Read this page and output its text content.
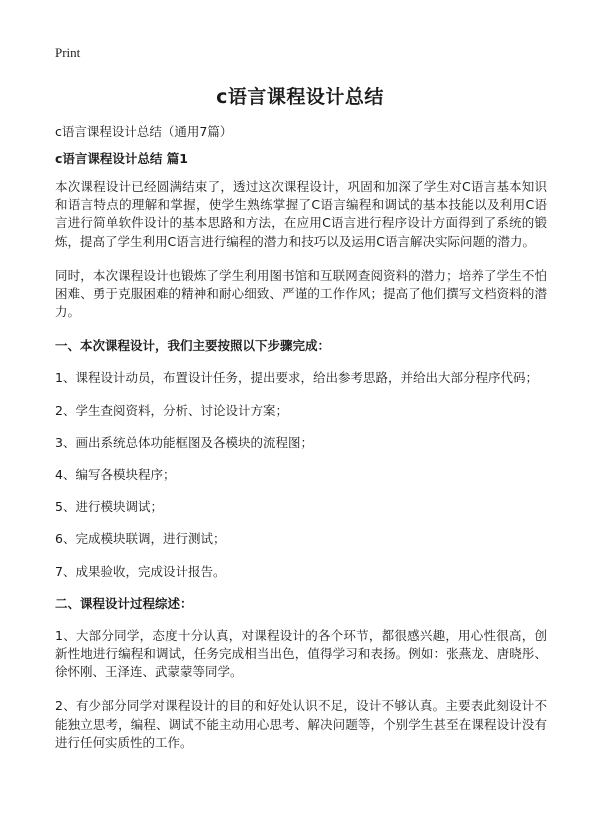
Print
c语言课程设计总结
c语言课程设计总结（通用7篇）
c语言课程设计总结 篇1

本次课程设计已经圆满结束了，透过这次课程设计，巩固和加深了学生对C语言基本知识和语言特点的理解和掌握，使学生熟练掌握了C语言编程和调试的基本技能以及利用C语言进行简单软件设计的基本思路和方法，在应用C语言进行程序设计方面得到了系统的锻炼，提高了学生利用C语言进行编程的潜力和技巧以及运用C语言解决实际问题的潜力。

同时，本次课程设计也锻炼了学生利用图书馆和互联网查阅资料的潜力；培养了学生不怕困难、勇于克服困难的精神和耐心细致、严谨的工作作风；提高了他们撰写文档资料的潜力。

一、本次课程设计，我们主要按照以下步骤完成：
1、课程设计动员，布置设计任务，提出要求，给出参考思路，并给出大部分程序代码；
2、学生查阅资料，分析、讨论设计方案；
3、画出系统总体功能框图及各模块的流程图；
4、编写各模块程序；
5、进行模块调试；
6、完成模块联调，进行测试；
7、成果验收，完成设计报告。
二、课程设计过程综述：

1、大部分同学，态度十分认真，对课程设计的各个环节，都很感兴趣，用心性很高，创新性地进行编程和调试，任务完成相当出色，值得学习和表扬。例如：张燕龙、唐晓彤、徐怀刚、王泽连、武蒙蒙等同学。

2、有少部分同学对课程设计的目的和好处认识不足，设计不够认真。主要表此刻设计不能独立思考，编程、调试不能主动用心思考、解决问题等，个别学生甚至在课程设计没有进行任何实质性的工作。
